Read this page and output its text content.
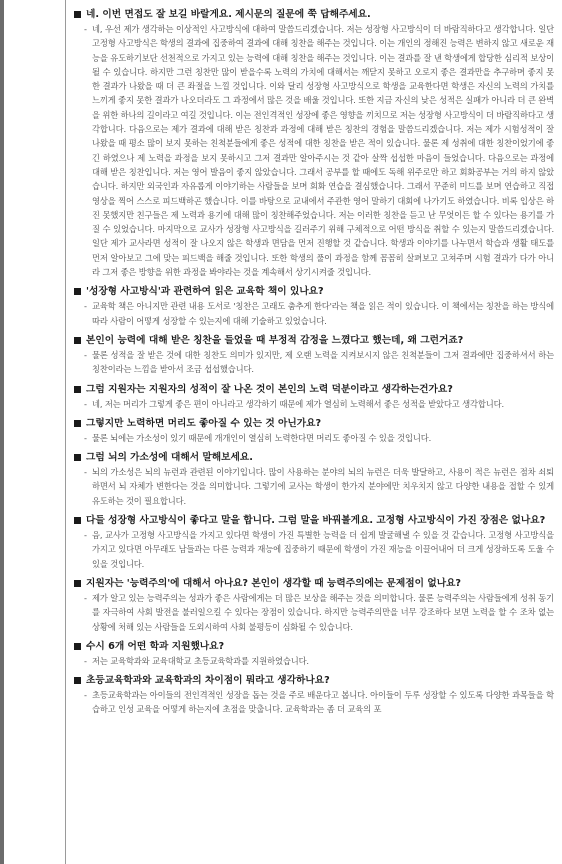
네. 이번 면접도 잘 보길 바랄게요. 제시문의 질문에 쭉 답해주세요.
- 네, 우선 제가 생각하는 이상적인 사고방식에 대하여 말씀드리겠습니다. 저는 성장형 사고방식이 더 바람직하다고 생각합니다. 일단 고정형 사고방식은 학생의 결과에 집중하여 결과에 대해 칭찬을 해주는 것입니다. 이는 개인의 정해진 능력은 변하지 않고 새로운 재능을 유도하기보단 선천적으로 가지고 있는 능력에 대해 칭찬을 해주는 것입니다. 이는 결과를 잘 낸 학생에게 합당한 심리적 보상이 될 수 있습니다. 하지만 그런 칭찬만 많이 받을수록 노력의 가치에 대해서는 깨닫지 못하고 오로지 좋은 결과만을 추구하며 좋지 못한 결과가 나왔을 때 더 큰 좌절을 느낄 것입니다. 이와 달리 성장형 사고방식으로 학생을 교육한다면 학생은 자신의 노력의 가치를 느끼게 좋지 못한 결과가 나오더라도 그 과정에서 많은 것을 배울 것입니다. 또한 지금 자신의 낮은 성적은 실패가 아니라 더 큰 완벽을 위한 하나의 길이라고 여길 것입니다. 이는 전인격적인 성장에 좋은 영향을 끼치므로 저는 성장형 사고방식이 더 바람직하다고 생각합니다. 다음으로는 제가 결과에 대해 받은 칭찬과 과정에 대해 받은 칭찬의 경험을 말씀드리겠습니다. 저는 제가 시험성적이 잘 나왔을 때 평소 많이 보지 못하는 친척분들에게 좋은 성적에 대한 칭찬을 받은 적이 있습니다. 물론 제 성취에 대한 칭찬이었기에 좋긴 하였으나 제 노력을 과정을 보지 못하시고 그저 결과만 알아주시는 것 같아 살짝 섭섭한 마음이 들었습니다. 다음으로는 과정에 대해 받은 칭찬입니다. 저는 영어 발음이 좋지 않았습니다. 그래서 공부를 할 때에도 독해 위주로만 하고 회화공부는 거의 하지 않았습니다. 하지만 외국인과 자유롭게 이야기하는 사람들을 보며 회화 연습을 결심했습니다. 그래서 꾸준히 미드를 보며 연습하고 직접 영상을 찍어 스스로 피드백하곤 했습니다. 이를 바탕으로 교내에서 주관한 영어 말하기 대회에 나가기도 하였습니다. 비록 입상은 하진 못했지만 친구들은 제 노력과 용기에 대해 많이 칭찬해주었습니다. 저는 이러한 칭찬을 듣고 난 무엇이든 할 수 있다는 용기를 가질 수 있었습니다. 마지막으로 교사가 성장형 사고방식을 길러주기 위해 구체적으로 어떤 방식을 취할 수 있는지 말씀드리겠습니다. 일단 제가 교사라면 성적이 잘 나오지 않은 학생과 면담을 먼저 진행할 것 같습니다. 학생과 이야기를 나누면서 학습과 생활 태도를 먼저 알아보고 그에 맞는 피드백을 해줄 것입니다. 또한 학생의 풀이 과정을 함께 꼼꼼히 살펴보고 고쳐주며 시험 결과가 다가 아니라 그저 좋은 방향을 위한 과정을 봐야라는 것을 계속해서 상기시켜줄 것입니다.
'성장형 사고방식'과 관련하여 읽은 교육학 책이 있나요?
- 교육학 책은 아니지만 관련 내용 도서로 '칭찬은 고래도 춤추게 한다'라는 책을 읽은 적이 있습니다. 이 책에서는 칭찬을 하는 방식에 따라 사람이 어떻게 성장할 수 있는지에 대해 기술하고 있었습니다.
본인이 능력에 대해 받은 칭찬을 들었을 때 부정적 감정을 느꼈다고 했는데, 왜 그런거죠?
- 물론 성적을 잘 받은 것에 대한 칭찬도 의미가 있지만, 제 오랜 노력을 지켜보시지 않은 친척분들이 그저 결과에만 집중하셔서 하는 칭찬이라는 느낌을 받아서 조금 섭섭했습니다.
그럼 지원자는 지원자의 성적이 잘 나온 것이 본인의 노력 덕분이라고 생각하는건가요?
- 네, 저는 머리가 그렇게 좋은 편이 아니라고 생각하기 때문에 제가 열심히 노력해서 좋은 성적을 받았다고 생각합니다.
그렇지만 노력하면 머리도 좋아질 수 있는 것 아닌가요?
- 물론 뇌에는 가소성이 있기 때문에 개개인이 열심히 노력한다면 머리도 좋아질 수 있을 것입니다.
그럼 뇌의 가소성에 대해서 말해보세요.
- 뇌의 가소성은 뇌의 뉴런과 관련된 이야기입니다. 많이 사용하는 분야의 뇌의 뉴런은 더욱 발달하고, 사용이 적은 뉴런은 점차 쇠퇴하면서 뇌 자체가 변한다는 것을 의미합니다. 그렇기에 교사는 학생이 한가지 분야에만 치우치지 않고 다양한 내용을 접할 수 있게 유도하는 것이 필요합니다.
다들 성장형 사고방식이 좋다고 말을 합니다. 그럼 말을 바꿔볼게요. 고정형 사고방식이 가진 장점은 없나요?
- 음, 교사가 고정형 사고방식을 가지고 있다면 학생이 가진 특별한 능력을 더 쉽게 발굴해낼 수 있을 것 같습니다. 고정형 사고방식을 가지고 있다면 아무래도 남들과는 다른 능력과 재능에 집중하기 때문에 학생이 가진 재능을 이끌어내어 더 크게 성장하도록 도울 수 있을 것입니다.
지원자는 '능력주의'에 대해서 아나요? 본인이 생각할 때 능력주의에는 문제점이 없나요?
- 제가 알고 있는 능력주의는 성과가 좋은 사람에게는 더 많은 보상을 해주는 것을 의미합니다. 물론 능력주의는 사람들에게 성취 동기를 자극하여 사회 발전을 불러일으킬 수 있다는 장점이 있습니다. 하지만 능력주의만을 너무 강조하다 보면 노력을 할 수 조차 없는 상황에 처해 있는 사람들을 도외시하여 사회 불평등이 심화될 수 있습니다.
수시 6개 어떤 학과 지원했나요?
- 저는 교육학과와 교육대학교 초등교육학과를 지원하였습니다.
초등교육학과와 교육학과의 차이점이 뭐라고 생각하나요?
- 초등교육학과는 아이들의 전인격적인 성장을 돕는 것을 주로 배운다고 봅니다. 아이들이 두루 성장할 수 있도록 다양한 과목들을 학습하고 인성 교육을 어떻게 하는지에 초점을 맞춥니다. 교육학과는 좀 더 교육의 포
